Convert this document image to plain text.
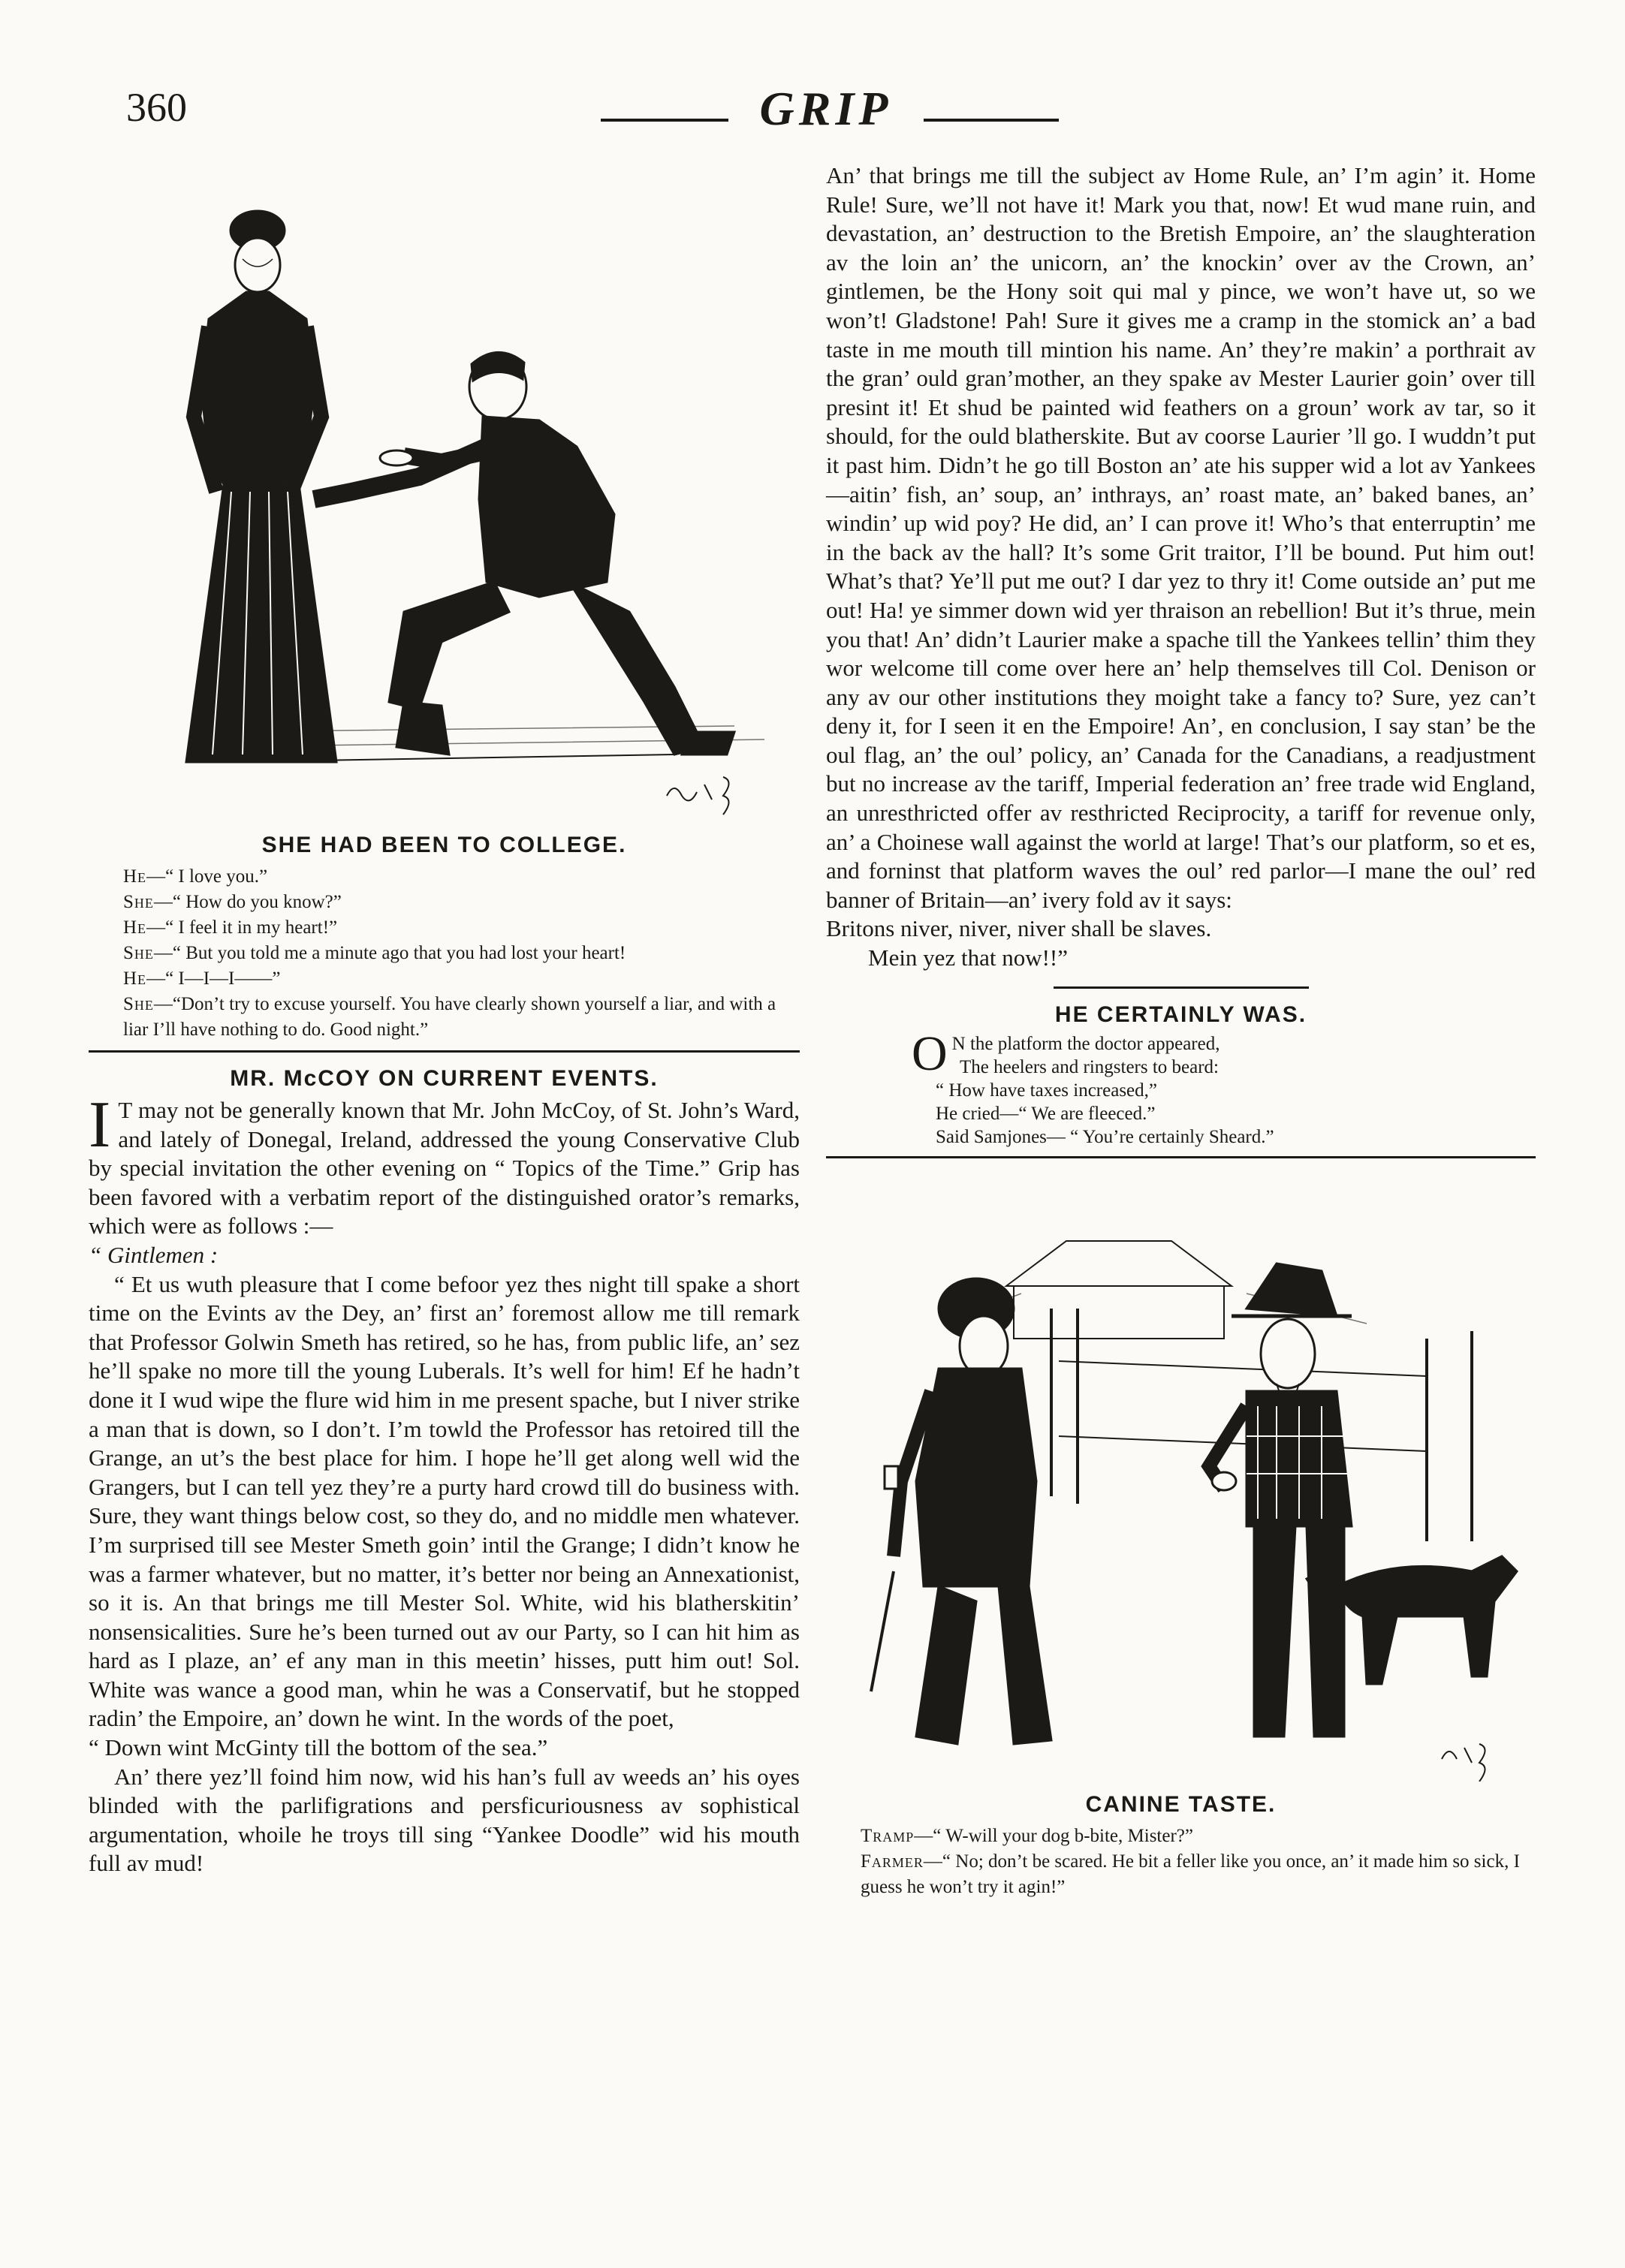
360	GRIP
SHE HAD BEEN TO COLLEGE.

He—“ I love you.”

She—“ How do you know?”

He—“ I feel it in my heart!”

She—“ But you told me a minute ago that you had lost your heart!

He—“ I—I—I——”

She—“Don’t try to excuse yourself. You have clearly shown yourself a liar, and with a liar I’ll have nothing to do. Good night.”

MR. McCOY ON CURRENT EVENTS.

IT may not be generally known that Mr. John McCoy, of St. John’s Ward, and lately of Donegal, Ireland, addressed the young Conservative Club by special invitation the other evening on “ Topics of the Time.” Grip has been favored with a verbatim report of the distinguished orator’s remarks, which were as follows :—

“ Gintlemen :

“ Et us wuth pleasure that I come befoor yez thes night till spake a short time on the Evints av the Dey, an’ first an’ foremost allow me till remark that Professor Golwin Smeth has retired, so he has, from public life, an’ sez he’ll spake no more till the young Luberals. It’s well for him! Ef he hadn’t done it I wud wipe the flure wid him in me present spache, but I niver strike a man that is down, so I don’t. I’m towld the Professor has retoired till the Grange, an ut’s the best place for him. I hope he’ll get along well wid the Grangers, but I can tell yez they’re a purty hard crowd till do business with. Sure, they want things below cost, so they do, and no middle men whatever. I’m surprised till see Mester Smeth goin’ intil the Grange; I didn’t know he was a farmer whatever, but no matter, it’s better nor being an Annexationist, so it is. An that brings me till Mester Sol. White, wid his blatherskitin’ nonsensicalities. Sure he’s been turned out av our Party, so I can hit him as hard as I plaze, an’ ef any man in this meetin’ hisses, putt him out! Sol. White was wance a good man, whin he was a Conservatif, but he stopped radin’ the Empoire, an’ down he wint. In the words of the poet,

“ Down wint McGinty till the bottom of the sea.”

An’ there yez’ll foind him now, wid his han’s full av weeds an’ his oyes blinded with the parlifigrations and persficuriousness av sophistical argumentation, whoile he troys till sing “Yankee Doodle” wid his mouth full av mud!

An’ that brings me till the subject av Home Rule, an’ I’m agin’ it. Home Rule! Sure, we’ll not have it! Mark you that, now! Et wud mane ruin, and devastation, an’ destruction to the Bretish Empoire, an’ the slaughteration av the loin an’ the unicorn, an’ the knockin’ over av the Crown, an’ gintlemen, be the Hony soit qui mal y pince, we won’t have ut, so we won’t! Gladstone! Pah! Sure it gives me a cramp in the stomick an’ a bad taste in me mouth till mintion his name. An’ they’re makin’ a porthrait av the gran’ ould gran’mother, an they spake av Mester Laurier goin’ over till presint it! Et shud be painted wid feathers on a groun’ work av tar, so it should, for the ould blatherskite. But av coorse Laurier ’ll go. I wuddn’t put it past him. Didn’t he go till Boston an’ ate his supper wid a lot av Yankees—aitin’ fish, an’ soup, an’ inthrays, an’ roast mate, an’ baked banes, an’ windin’ up wid poy? He did, an’ I can prove it! Who’s that enterruptin’ me in the back av the hall? It’s some Grit traitor, I’ll be bound. Put him out! What’s that? Ye’ll put me out? I dar yez to thry it! Come outside an’ put me out! Ha! ye simmer down wid yer thraison an rebellion! But it’s thrue, mein you that! An’ didn’t Laurier make a spache till the Yankees tellin’ thim they wor welcome till come over here an’ help themselves till Col. Denison or any av our other institutions they moight take a fancy to? Sure, yez can’t deny it, for I seen it en the Empoire! An’, en conclusion, I say stan’ be the oul flag, an’ the oul’ policy, an’ Canada for the Canadians, a readjustment but no increase av the tariff, Imperial federation an’ free trade wid England, an unresthricted offer av resthricted Reciprocity, a tariff for revenue only, an’ a Choinese wall against the world at large! That’s our platform, so et es, and forninst that platform waves the oul’ red parlor—I mane the oul’ red banner of Britain—an’ ivery fold av it says:

Britons niver, niver, niver shall be slaves.

Mein yez that now!!”

HE CERTAINLY WAS.

ON the platform the doctor appeared,

The heelers and ringsters to beard:

“ How have taxes increased,”

He cried—“ We are fleeced.”

Said Samjones— “ You’re certainly Sheard.”

CANINE TASTE.

Tramp—“ W-will your dog b-bite, Mister?”

Farmer—“ No; don’t be scared. He bit a feller like you once, an’ it made him so sick, I guess he won’t try it agin!”
